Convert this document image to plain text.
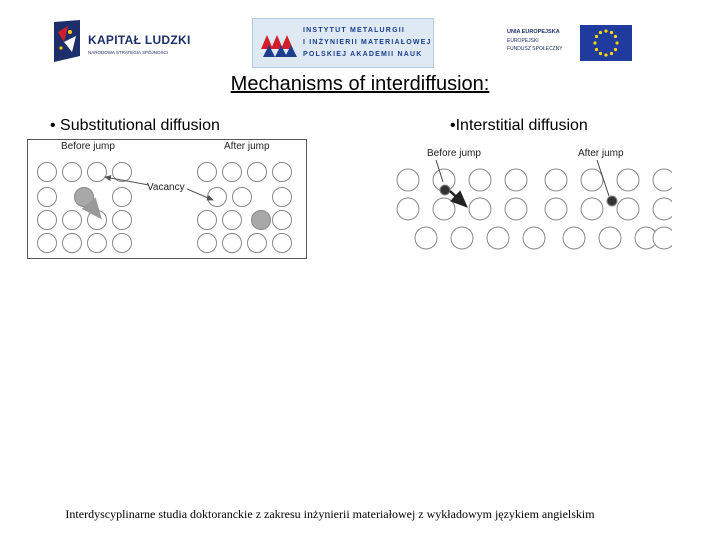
KAPITAŁ LUDZKI
NARODOWA STRATEGIA SPÓJNOŚCI
INSTYTUT METALURGII
I INŻYNIERII MATERIAŁOWEJ
POLSKIEJ AKADEMII NAUK
UNIA EUROPEJSKA
EUROPEJSKI
FUNDUSZ SPOŁECZNY
Mechanisms of interdiffusion:
• Substitutional diffusion	•Interstitial diffusion
Before jump	After jump
Vacancy
Before jump	After jump
Interdyscyplinarne studia doktoranckie z zakresu inżynierii materiałowej z wykładowym językiem angielskim
